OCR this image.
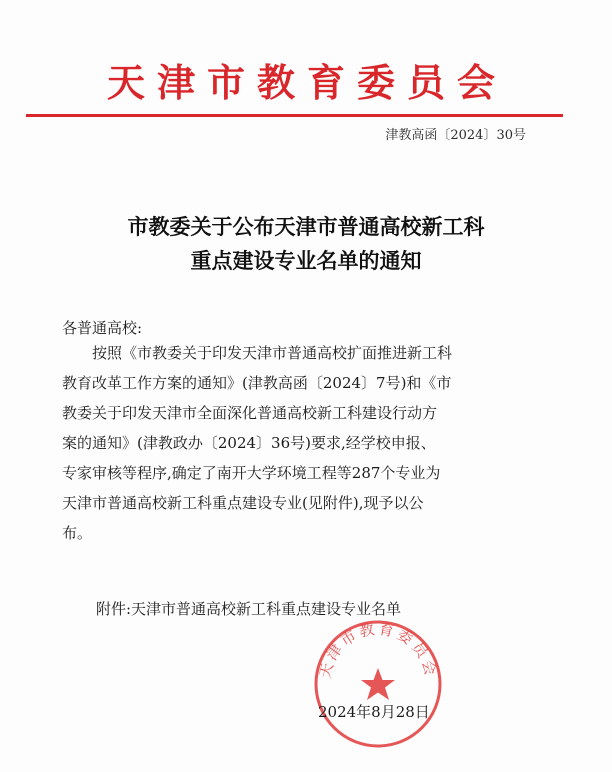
天津市教育委员会
津教高函〔2024〕30号
市教委关于公布天津市普通高校新工科
重点建设专业名单的通知
各普通高校:
　　按照《市教委关于印发天津市普通高校扩面推进新工科
教育改革工作方案的通知》(津教高函〔2024〕7号)和《市
教委关于印发天津市全面深化普通高校新工科建设行动方
案的通知》(津教政办〔2024〕36号)要求,经学校申报、
专家审核等程序,确定了南开大学环境工程等287个专业为
天津市普通高校新工科重点建设专业(见附件),现予以公
布。
附件:天津市普通高校新工科重点建设专业名单
天津市教育委员会
2024年8月28日
